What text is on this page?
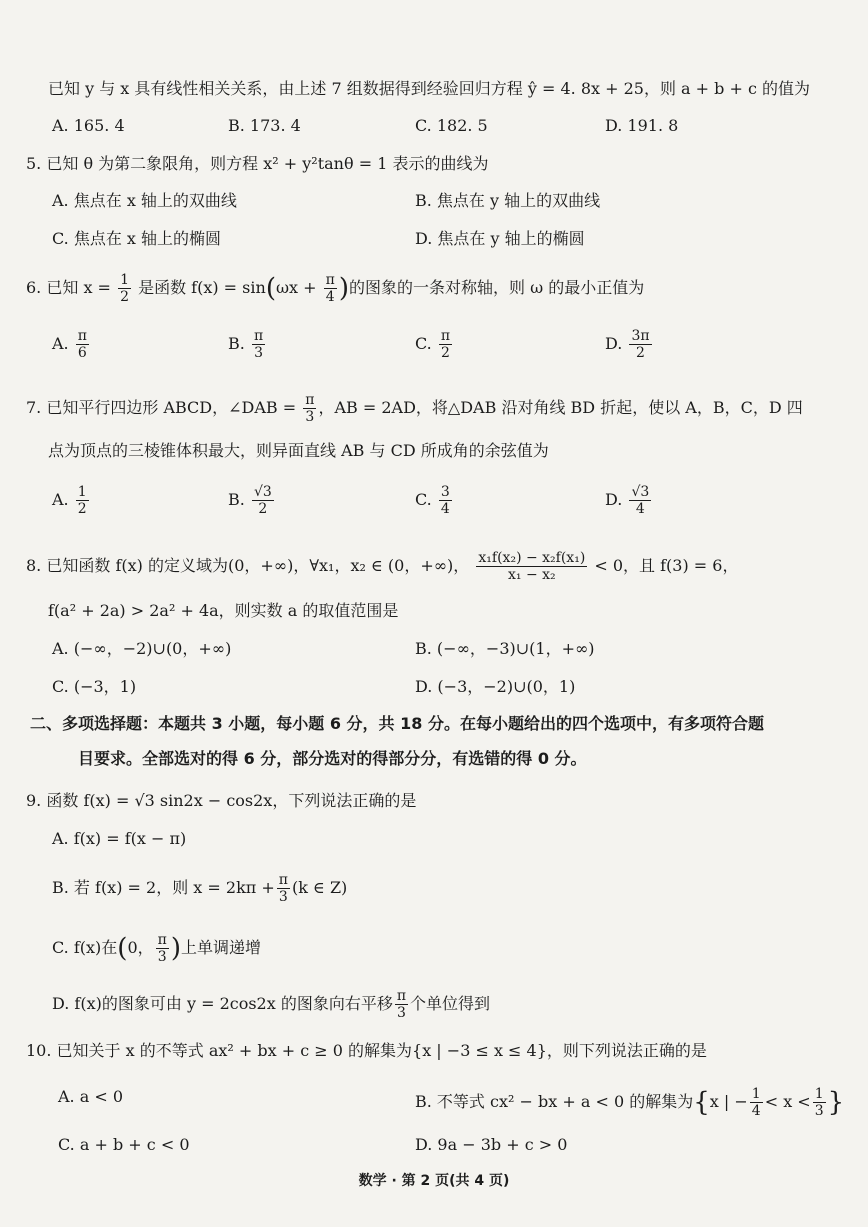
已知 y 与 x 具有线性相关关系，由上述 7 组数据得到经验回归方程 ŷ = 4. 8x + 25，则 a + b + c 的值为
A. 165. 4	B. 173. 4	C. 182. 5	D. 191. 8
5. 已知 θ 为第二象限角，则方程 x² + y²tanθ = 1 表示的曲线为
A. 焦点在 x 轴上的双曲线	B. 焦点在 y 轴上的双曲线
C. 焦点在 x 轴上的椭圆	D. 焦点在 y 轴上的椭圆
6. 已知 $x = \frac{1}{2}$ 是函数 $f(x) = \sin(\omega x + \frac{\pi}{4}$ )的图象的一条对称轴，则 ω 的最小正值为
A. $\frac{\pi}{6}$	B. $\frac{\pi}{3}$	C. $\frac{\pi}{2}$	D. $\frac{3\pi}{2}$
7. 已知平行四边形 ABCD，∠DAB = $\frac{\pi}{3}$ ，AB = 2AD，将△DAB 沿对角线 BD 折起，使以 A，B，C，D 四
点为顶点的三棱锥体积最大，则异面直线 AB 与 CD 所成角的余弦值为
A. $\frac{1}{2}$	B. $\frac{√3}{2}$	C. $\frac{3}{4}$	D. $\frac{√3}{4}$
8. 已知函数 f(x) 的定义域为(0，+∞)，∀x₁，x₂ ∈ (0，+∞)， $\frac{\text{x₁f(x₂) − x₂f(x₁)}}{\text{x₁ − x₂}} < 0$，且 f(3) = 6，
f(a² + 2a) > 2a² + 4a，则实数 a 的取值范围是
A. (−∞，−2)∪(0，+∞)	B. (−∞，−3)∪(1，+∞)
C. (−3，1)	D. (−3，−2)∪(0，1)
二、多项选择题：本题共 3 小题，每小题 6 分，共 18 分。在每小题给出的四个选项中，有多项符合题
目要求。全部选对的得 6 分，部分选对的得部分分，有选错的得 0 分。
9. 函数 f(x) = √3 sin2x − cos2x，下列说法正确的是
A. f(x) = f(x − π)
B. 若 f(x) = 2，则 $x = 2k\pi + \frac{\pi}{3} (k$ ∈ Z)
C. f(x)在(0， $\frac{\pi}{3}$ )上单调递增
D. f(x)的图象可由 y = 2cos2x 的图象向右平移 $\frac{\pi}{3}$ 个单位得到
10. 已知关于 x 的不等式 ax² + bx + c ≥ 0 的解集为{x | −3 ≤ x ≤ 4}，则下列说法正确的是
A. a < 0	B. 不等式 cx² − bx + a < 0 的解集为{x | − $\frac{1}{4} < x < \frac{1}{3}$ }
C. a + b + c < 0	D. 9a − 3b + c > 0
数学 · 第 2 页(共 4 页)
